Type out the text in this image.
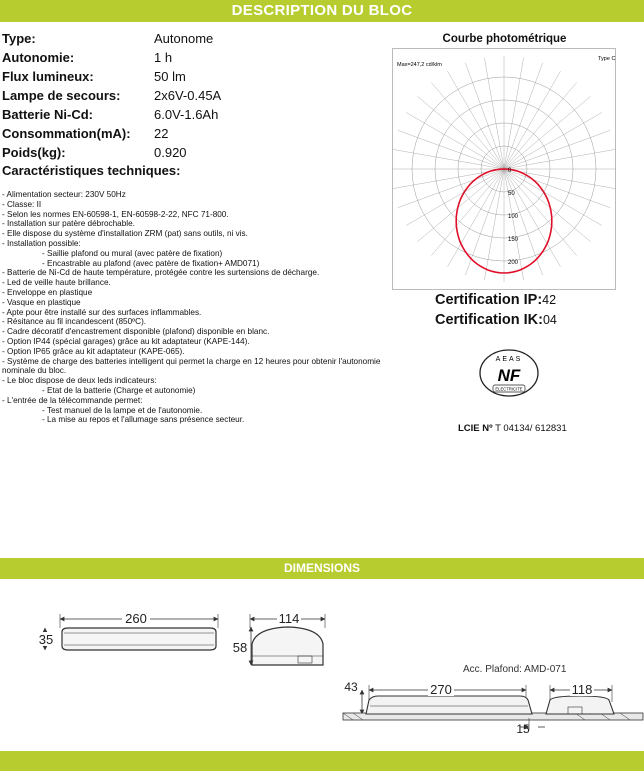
DESCRIPTION DU BLOC
Type:	Autonome
Autonomie:	1 h
Flux lumineux:	50 lm
Lampe de secours:	2x6V-0.45A
Batterie Ni-Cd:	6.0V-1.6Ah
Consommation(mA): 22
Poids(kg):	0.920
Caractéristiques techniques:
- Alimentation secteur: 230V 50Hz
- Classe: II
- Selon les normes EN-60598-1, EN-60598-2-22, NFC 71-800.
- Installation sur patère débrochable.
- Elle dispose du système d'installation ZRM (pat) sans outils, ni vis.
- Installation possible:
- Saillie plafond ou mural (avec patère de fixation)
- Encastrable au plafond (avec patère de fixation+ AMD071)
- Batterie de Ni-Cd de haute température, protégée contre les surtensions de décharge.
- Led de veille haute brillance.
- Enveloppe en plastique
- Vasque en plastique
- Apte pour être installé sur des surfaces inflammables.
- Résitance au fil incandescent (850ºC).
- Cadre décoratif d'encastrement disponible (plafond) disponible en blanc.
- Option IP44 (spécial garages) grâce au kit adaptateur (KAPE-144).
- Option IP65 grâce au kit adaptateur (KAPE-065).
- Système de charge des batteries intelligent qui permet la charge en 12 heures pour obtenir l'autonomie nominale du bloc.
- Le bloc dispose de deux leds indicateurs:
- Etat de la batterie (Charge et autonomie)
- L'entrée de la télécommande permet:
- Test manuel de la lampe et de l'autonomie.
- La mise au repos et l'allumage sans présence secteur.
Courbe photométrique
Max=247,2 cd/klm
Type C
0
50
100
150
200
Certification IP:42
Certification IK:04
AEAS
NF
ELECTRICITE
LCIE Nº T 04134/ 612831
DIMENSIONS
260
35
114
58
Acc. Plafond: AMD-071
43	270	118
15
